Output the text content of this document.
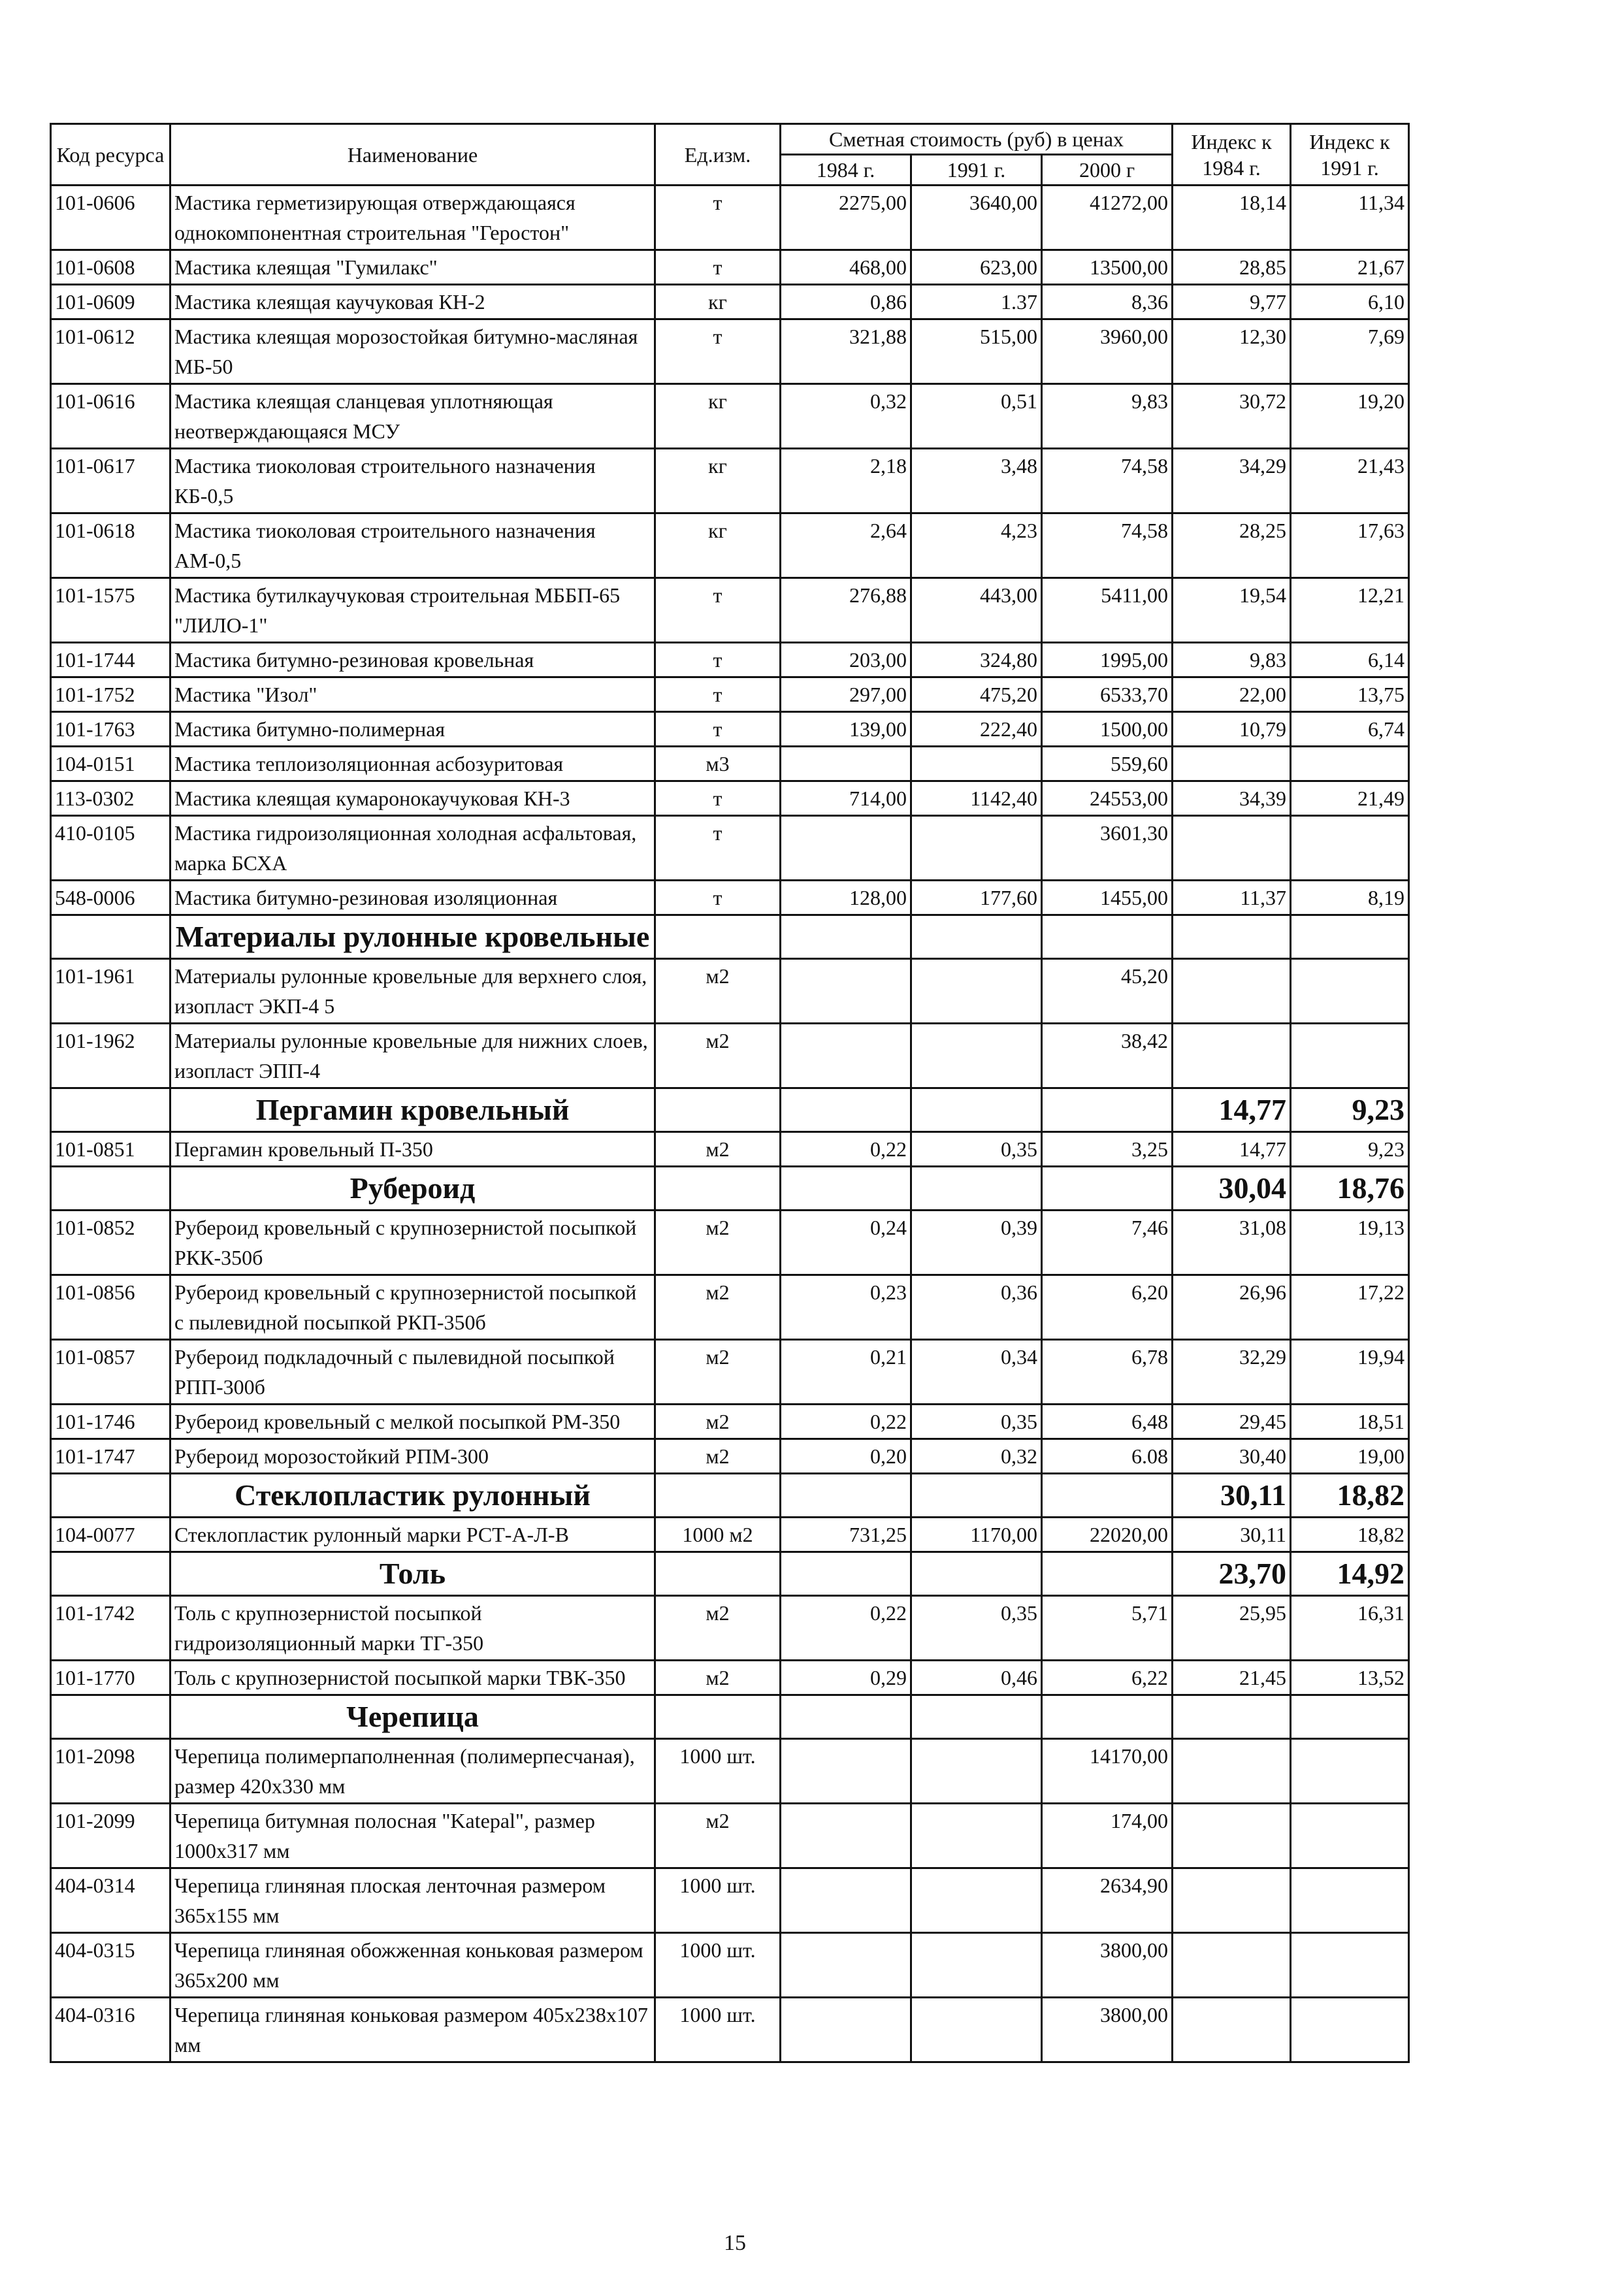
Код ресурса	Наименование	Ед.изм.	Сметная стоимость (руб) в ценах			Индекс к 1984 г.	Индекс к 1991 г.
			1984 г.	1991 г.	2000 г		
101-0606	Мастика герметизирующая отверждающаяся однокомпонентная строительная "Геростон"	т	2275,00	3640,00	41272,00	18,14	11,34
101-0608	Мастика клеящая "Гумилакс"	т	468,00	623,00	13500,00	28,85	21,67
101-0609	Мастика клеящая каучуковая КН-2	кг	0,86	1.37	8,36	9,77	6,10
101-0612	Мастика клеящая морозостойкая битумно-масляная МБ-50	т	321,88	515,00	3960,00	12,30	7,69
101-0616	Мастика клеящая сланцевая уплотняющая неотверждающаяся МСУ	кг	0,32	0,51	9,83	30,72	19,20
101-0617	Мастика тиоколовая строительного назначения КБ-0,5	кг	2,18	3,48	74,58	34,29	21,43
101-0618	Мастика тиоколовая строительного назначения АМ-0,5	кг	2,64	4,23	74,58	28,25	17,63
101-1575	Мастика бутилкаучуковая строительная МББП-65 "ЛИЛО-1"	т	276,88	443,00	5411,00	19,54	12,21
101-1744	Мастика битумно-резиновая кровельная	т	203,00	324,80	1995,00	9,83	6,14
101-1752	Мастика "Изол"	т	297,00	475,20	6533,70	22,00	13,75
101-1763	Мастика битумно-полимерная	т	139,00	222,40	1500,00	10,79	6,74
104-0151	Мастика теплоизоляционная асбозуритовая	м3			559,60		
113-0302	Мастика клеящая кумаронокаучуковая КН-3	т	714,00	1142,40	24553,00	34,39	21,49
410-0105	Мастика гидроизоляционная холодная асфальтовая, марка БСХА	т			3601,30		
548-0006	Мастика битумно-резиновая изоляционная	т	128,00	177,60	1455,00	11,37	8,19
	Материалы рулонные кровельные						
101-1961	Материалы рулонные кровельные для верхнего слоя, изопласт ЭКП-4 5	м2			45,20		
101-1962	Материалы рулонные кровельные для нижних слоев, изопласт ЭПП-4	м2			38,42		
	Пергамин кровельный					14,77	9,23
101-0851	Пергамин кровельный П-350	м2	0,22	0,35	3,25	14,77	9,23
	Рубероид					30,04	18,76
101-0852	Рубероид кровельный с крупнозернистой посыпкой РКК-350б	м2	0,24	0,39	7,46	31,08	19,13
101-0856	Рубероид кровельный с крупнозернистой посыпкой с пылевидной посыпкой РКП-350б	м2	0,23	0,36	6,20	26,96	17,22
101-0857	Рубероид подкладочный с пылевидной посыпкой РПП-300б	м2	0,21	0,34	6,78	32,29	19,94
101-1746	Рубероид кровельный с мелкой посыпкой РМ-350	м2	0,22	0,35	6,48	29,45	18,51
101-1747	Рубероид морозостойкий РПМ-300	м2	0,20	0,32	6.08	30,40	19,00
	Стеклопластик рулонный					30,11	18,82
104-0077	Стеклопластик рулонный марки РСТ-А-Л-В	1000 м2	731,25	1170,00	22020,00	30,11	18,82
	Толь					23,70	14,92
101-1742	Толь с крупнозернистой посыпкой гидроизоляционный марки ТГ-350	м2	0,22	0,35	5,71	25,95	16,31
101-1770	Толь с крупнозернистой посыпкой марки ТВК-350	м2	0,29	0,46	6,22	21,45	13,52
	Черепица						
101-2098	Черепица полимерпаполненная (полимерпесчаная), размер 420х330 мм	1000 шт.			14170,00		
101-2099	Черепица битумная полосная "Katepal", размер 1000х317 мм	м2			174,00		
404-0314	Черепица глиняная плоская ленточная размером 365х155 мм	1000 шт.			2634,90		
404-0315	Черепица глиняная обожженная коньковая размером 365х200 мм	1000 шт.			3800,00		
404-0316	Черепица глиняная коньковая размером 405х238х107 мм	1000 шт.			3800,00		
15
